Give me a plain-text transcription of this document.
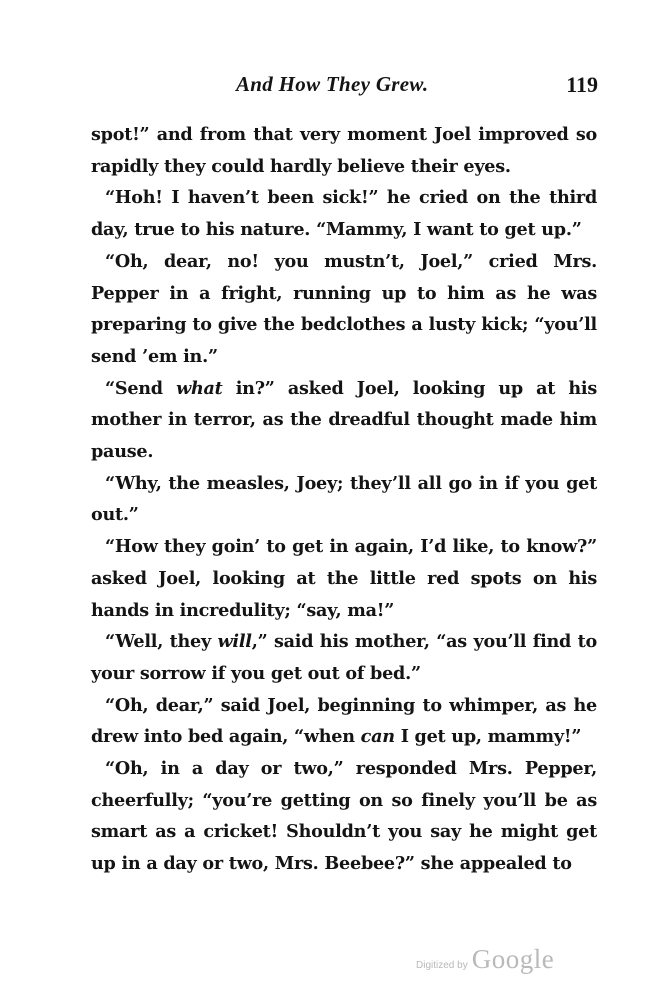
And How They Grew.	119

spot!” and from that very moment Joel improved so rapidly they could hardly believe their eyes.

“Hoh! I haven’t been sick!” he cried on the third day, true to his nature. “Mammy, I want to get up.”

“Oh, dear, no! you mustn’t, Joel,” cried Mrs. Pepper in a fright, running up to him as he was preparing to give the bedclothes a lusty kick; “you’ll send ’em in.”

“Send what in?” asked Joel, looking up at his mother in terror, as the dreadful thought made him pause.

“Why, the measles, Joey; they’ll all go in if you get out.”

“How they goin’ to get in again, I’d like, to know?” asked Joel, looking at the little red spots on his hands in incredulity; “say, ma!”

“Well, they will,” said his mother, “as you’ll find to your sorrow if you get out of bed.”

“Oh, dear,” said Joel, beginning to whimper, as he drew into bed again, “when can I get up, mammy!”

“Oh, in a day or two,” responded Mrs. Pepper, cheerfully; “you’re getting on so finely you’ll be as smart as a cricket! Shouldn’t you say he might get up in a day or two, Mrs. Beebee?” she appealed to

Digitized by Google
